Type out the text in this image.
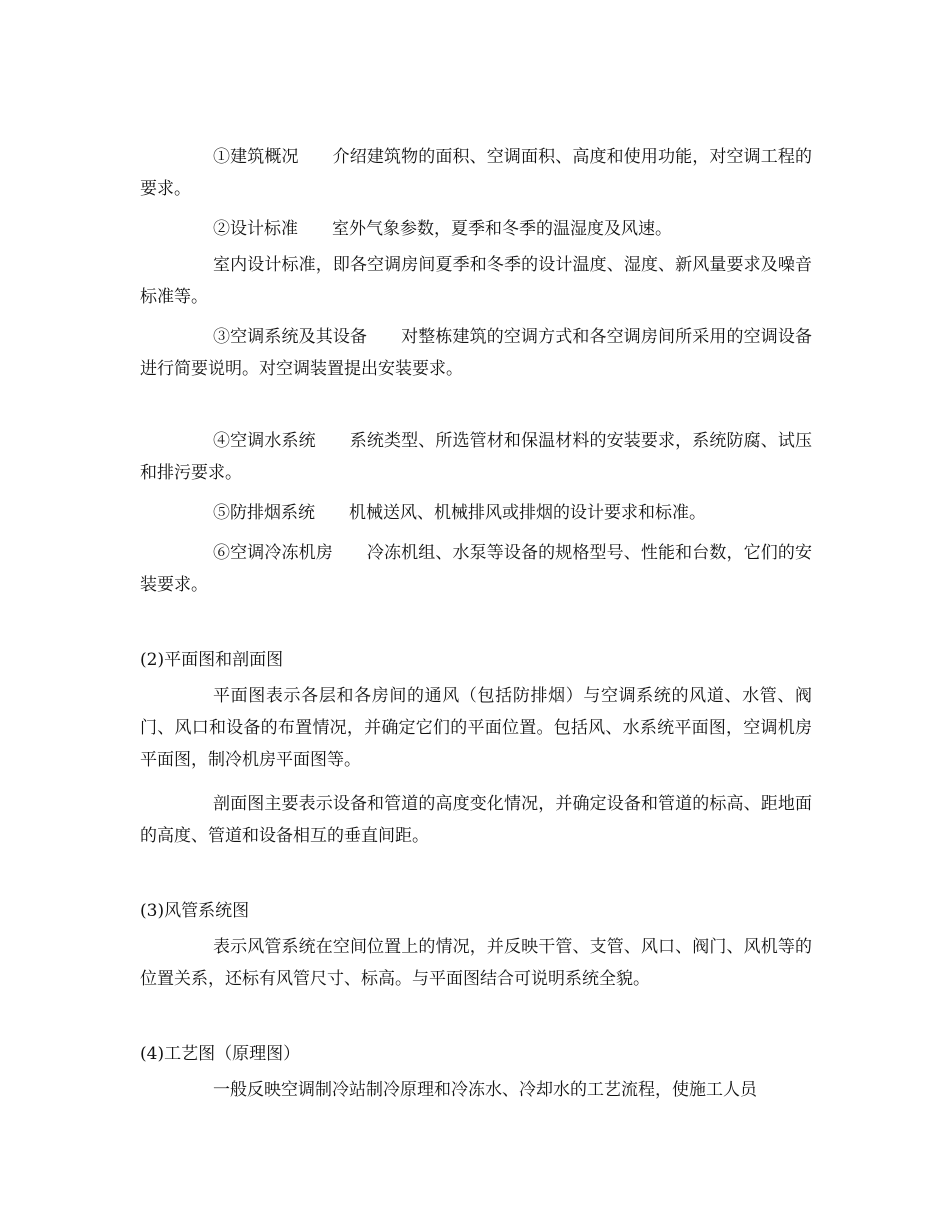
①建筑概况 介绍建筑物的面积、空调面积、高度和使用功能，对空调工程的要求。

②设计标准 室外气象参数，夏季和冬季的温湿度及风速。

室内设计标准，即各空调房间夏季和冬季的设计温度、湿度、新风量要求及噪音标准等。

③空调系统及其设备 对整栋建筑的空调方式和各空调房间所采用的空调设备进行简要说明。对空调装置提出安装要求。

④空调水系统 系统类型、所选管材和保温材料的安装要求，系统防腐、试压和排污要求。

⑤防排烟系统 机械送风、机械排风或排烟的设计要求和标准。

⑥空调冷冻机房 冷冻机组、水泵等设备的规格型号、性能和台数，它们的安装要求。

(2)平面图和剖面图

平面图表示各层和各房间的通风（包括防排烟）与空调系统的风道、水管、阀门、风口和设备的布置情况，并确定它们的平面位置。包括风、水系统平面图，空调机房平面图，制冷机房平面图等。

剖面图主要表示设备和管道的高度变化情况，并确定设备和管道的标高、距地面的高度、管道和设备相互的垂直间距。

(3)风管系统图

表示风管系统在空间位置上的情况，并反映干管、支管、风口、阀门、风机等的位置关系，还标有风管尺寸、标高。与平面图结合可说明系统全貌。

(4)工艺图（原理图）

一般反映空调制冷站制冷原理和冷冻水、冷却水的工艺流程，使施工人员
